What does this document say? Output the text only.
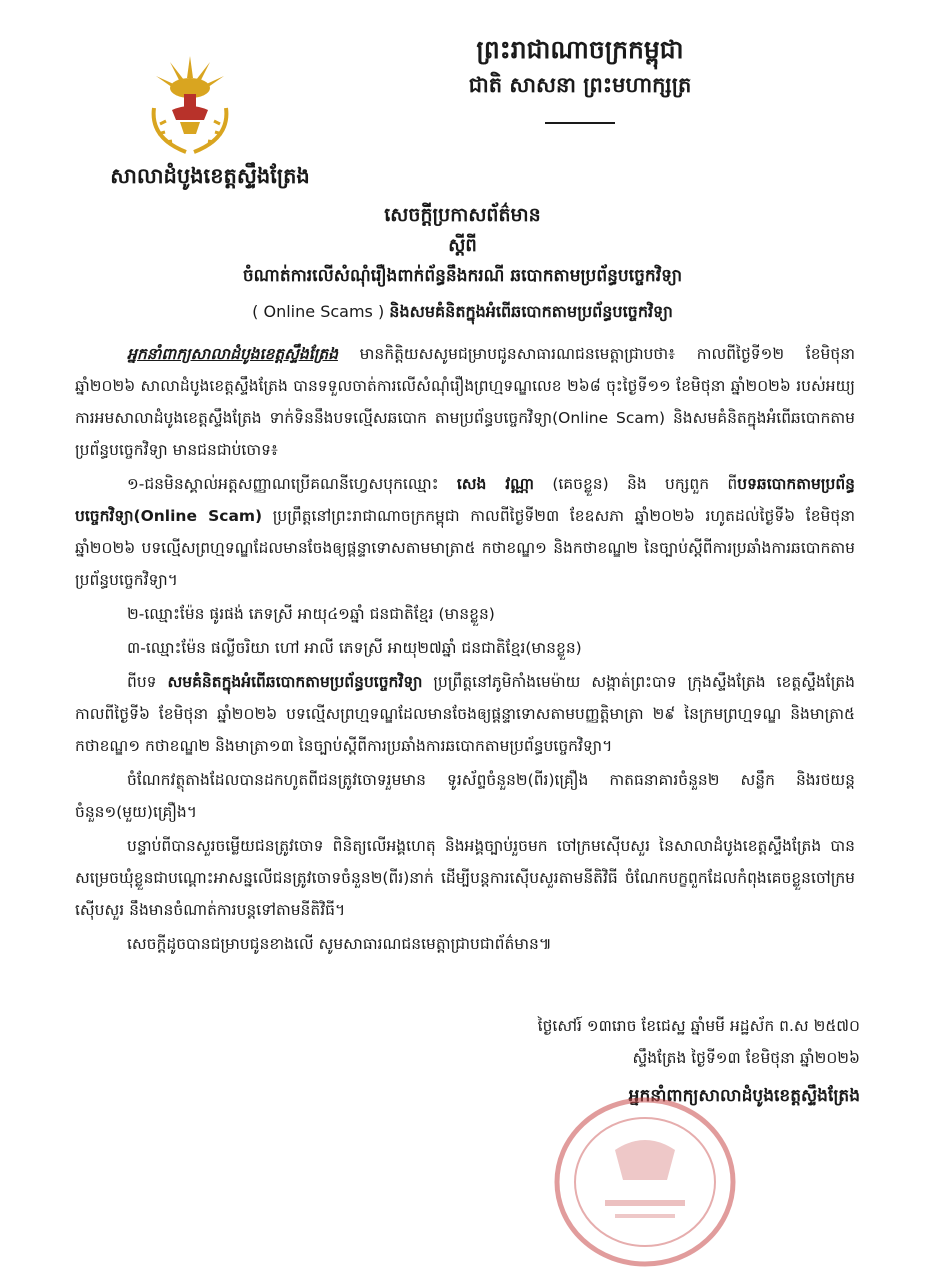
ព្រះរាជាណាចក្រកម្ពុជា
ជាតិ សាសនា ព្រះមហាក្សត្រ
សាលាដំបូងខេត្តស្ទឹងត្រែង
សេចក្តីប្រកាសព័ត៌មាន
ស្តីពី
ចំណាត់ការលើសំណុំរឿងពាក់ព័ន្ធនឹងករណី ឆបោកតាមប្រព័ន្ធបច្ចេកវិទ្យា
( Online Scams ) និងសមគំនិតក្នុងអំពើឆបោកតាមប្រព័ន្ធបច្ចេកវិទ្យា

អ្នកនាំពាក្យសាលាដំបូងខេត្តស្ទឹងត្រែង មានកិត្តិយសសូមជម្រាបជូនសាធារណជនមេត្តាជ្រាបថា៖ កាលពីថ្ងៃទី១២ ខែមិថុនា ឆ្នាំ២០២៦ សាលាដំបូងខេត្តស្ទឹងត្រែង បានទទួលចាត់ការលើសំណុំរឿងព្រហ្មទណ្ឌលេខ ២៦៨ ចុះថ្ងៃទី១១ ខែមិថុនា ឆ្នាំ២០២៦ របស់អយ្យការអមសាលាដំបូងខេត្តស្ទឹងត្រែង ទាក់ទិននឹងបទល្មើសឆបោក តាមប្រព័ន្ធបច្ចេកវិទ្យា(Online Scam) និងសមគំនិតក្នុងអំពើឆបោកតាមប្រព័ន្ធបច្ចេកវិទ្យា មានជនជាប់ចោទ៖

១-ជនមិនស្គាល់អត្តសញ្ញាណប្រើគណនីហ្វេសបុកឈ្មោះ សេង វណ្ណា (គេចខ្លួន) និង បក្សពួក ពីបទឆបោកតាមប្រព័ន្ធបច្ចេកវិទ្យា(Online Scam) ប្រព្រឹត្តនៅព្រះរាជាណាចក្រកម្ពុជា កាលពីថ្ងៃទី២៣ ខែឧសភា ឆ្នាំ២០២៦ រហូតដល់ថ្ងៃទី៦ ខែមិថុនា ឆ្នាំ២០២៦ បទល្មើសព្រហ្មទណ្ឌដែលមានចែងឲ្យផ្តន្ទាទោសតាមមាត្រា៥ កថាខណ្ឌ១ និងកថាខណ្ឌ២ នៃច្បាប់ស្តីពីការប្រឆាំងការឆបោកតាមប្រព័ន្ធបច្ចេកវិទ្យា។

២-ឈ្មោះម៉ែន ផូរផង់ ភេទស្រី អាយុ៤១ឆ្នាំ ជនជាតិខ្មែរ (មានខ្លួន)

៣-ឈ្មោះម៉ែន ផល្លីចរិយា ហៅ អាលី ភេទស្រី អាយុ២៧ឆ្នាំ ជនជាតិខ្មែរ(មានខ្លួន)

ពីបទ សមគំនិតក្នុងអំពើឆបោកតាមប្រព័ន្ធបច្ចេកវិទ្យា ប្រព្រឹត្តនៅភូមិកាំងមេម៉ាយ សង្កាត់ព្រះបាទ ក្រុងស្ទឹងត្រែង ខេត្តស្ទឹងត្រែង កាលពីថ្ងៃទី៦ ខែមិថុនា ឆ្នាំ២០២៦ បទល្មើសព្រហ្មទណ្ឌដែលមានចែងឲ្យផ្តន្ទាទោសតាមបញ្ញត្តិមាត្រា ២៩ នៃក្រមព្រហ្មទណ្ឌ និងមាត្រា៥ កថាខណ្ឌ១ កថាខណ្ឌ២ និងមាត្រា១៣ នៃច្បាប់ស្តីពីការប្រឆាំងការឆបោកតាមប្រព័ន្ធបច្ចេកវិទ្យា។

ចំណែកវត្ថុតាងដែលបានដកហូតពីជនត្រូវចោទរួមមាន ទូរស័ព្ទចំនួន២(ពីរ)គ្រឿង កាតធនាគារចំនួន២ សន្លឹក និងរថយន្តចំនួន១(មួយ)គ្រឿង។

បន្ទាប់ពីបានសួរចម្លើយជនត្រូវចោទ ពិនិត្យលើអង្គហេតុ និងអង្គច្បាប់រួចមក ចៅក្រមស៊ើបសួរ នៃសាលាដំបូងខេត្តស្ទឹងត្រែង បានសម្រេចឃុំខ្លួនជាបណ្តោះអាសន្នលើជនត្រូវចោទចំនួន២(ពីរ)នាក់ ដើម្បីបន្តការស៊ើបសួរតាមនីតិវិធី ចំណែកបក្ខពួកដែលកំពុងគេចខ្លួនចៅក្រមស៊ើបសួរ នឹងមានចំណាត់ការបន្តទៅតាមនីតិវិធី។

សេចក្តីដូចបានជម្រាបជូនខាងលើ សូមសាធារណជនមេត្តាជ្រាបជាព័ត៌មាន៕

ថ្ងៃសៅរ៍ ១៣រោច ខែជេស្ឋ ឆ្នាំមមី អដ្ឋស័ក ព.ស ២៥៧០
ស្ទឹងត្រែង ថ្ងៃទី១៣ ខែមិថុនា ឆ្នាំ២០២៦
អ្នកនាំពាក្យសាលាដំបូងខេត្តស្ទឹងត្រែង
